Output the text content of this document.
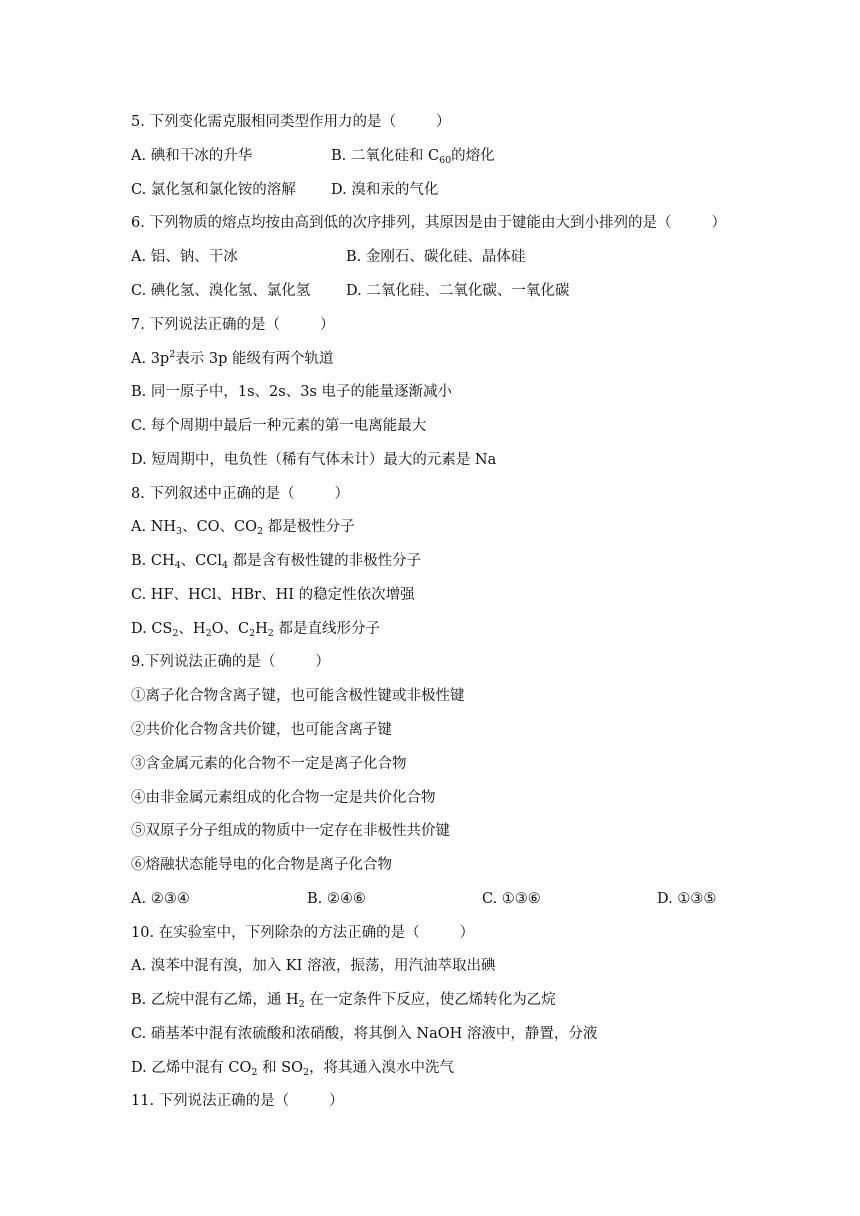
5. 下列变化需克服相同类型作用力的是（	）
A. 碘和干冰的升华	B. 二氧化硅和 $C_{60}$的熔化
C. 氯化氢和氯化铵的溶解 D. 溴和汞的气化
6. 下列物质的熔点均按由高到低的次序排列，其原因是由于键能由大到小排列的是（	）
A. 铝、钠、干冰	B. 金刚石、碳化硅、晶体硅
C. 碘化氢、溴化氢、氯化氢 D. 二氧化硅、二氧化碳、一氧化碳
7. 下列说法正确的是（	）
A. $3p^2$表示 3p 能级有两个轨道
B. 同一原子中，1s、2s、3s 电子的能量逐渐减小
C. 每个周期中最后一种元素的第一电离能最大
D. 短周期中，电负性（稀有气体未计）最大的元素是 Na
8. 下列叙述中正确的是（	）
A. $NH_3$、CO、$CO_2$ 都是极性分子
B. $CH_4$、CCl$_4$ 都是含有极性键的非极性分子
C. HF、HCl、HBr、HI 的稳定性依次增强
D. $CS_2$、$H_2O$、$C_2H_2$ 都是直线形分子
9.下列说法正确的是（	）
①离子化合物含离子键，也可能含极性键或非极性键
②共价化合物含共价键，也可能含离子键
③含金属元素的化合物不一定是离子化合物
④由非金属元素组成的化合物一定是共价化合物
⑤双原子分子组成的物质中一定存在非极性共价键
⑥熔融状态能导电的化合物是离子化合物
A. ②③④	B. ②④⑥	C. ①③⑥	D. ①③⑤
10. 在实验室中，下列除杂的方法正确的是（	）
A. 溴苯中混有溴，加入 KI 溶液，振荡，用汽油萃取出碘
B. 乙烷中混有乙烯，通 $H_2$ 在一定条件下反应，使乙烯转化为乙烷
C. 硝基苯中混有浓硫酸和浓硝酸，将其倒入 NaOH 溶液中，静置，分液
D. 乙烯中混有 $CO_2$ 和 $SO_2$，将其通入溴水中洗气
11. 下列说法正确的是（	）
